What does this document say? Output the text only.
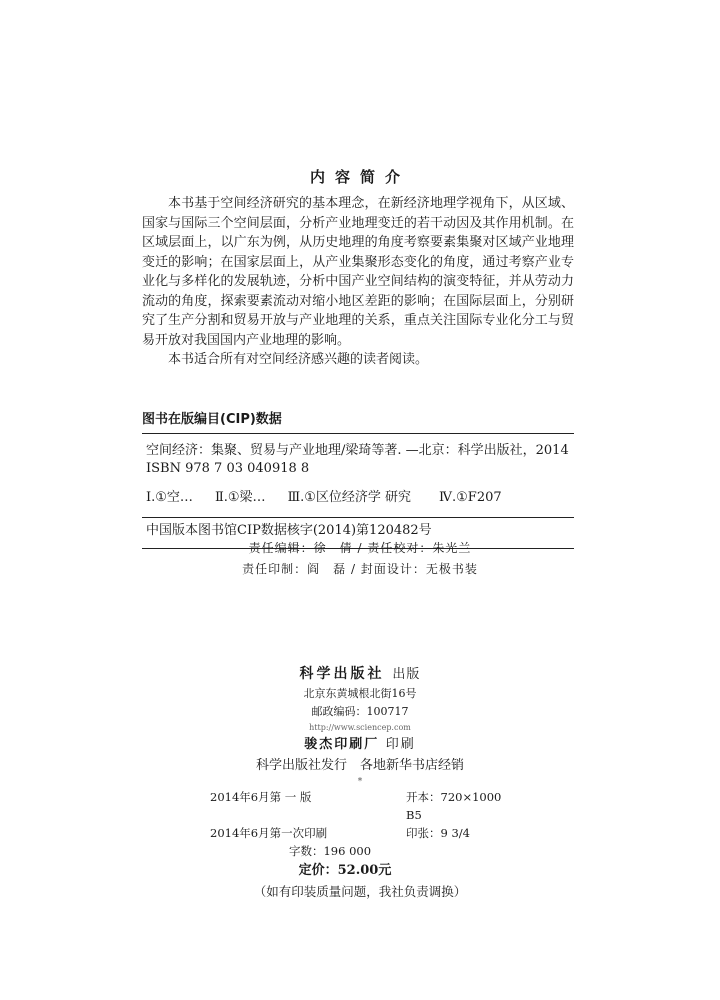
内容简介

本书基于空间经济研究的基本理念，在新经济地理学视角下，从区域、国家与国际三个空间层面，分析产业地理变迁的若干动因及其作用机制。在区域层面上，以广东为例，从历史地理的角度考察要素集聚对区域产业地理变迁的影响；在国家层面上，从产业集聚形态变化的角度，通过考察产业专业化与多样化的发展轨迹，分析中国产业空间结构的演变特征，并从劳动力流动的角度，探索要素流动对缩小地区差距的影响；在国际层面上，分别研究了生产分割和贸易开放与产业地理的关系，重点关注国际专业化分工与贸易开放对我国国内产业地理的影响。

本书适合所有对空间经济感兴趣的读者阅读。

图书在版编目(CIP)数据
空间经济：集聚、贸易与产业地理/梁琦等著. —北京：科学出版社，2014
ISBN 978 7 03 040918 8
Ⅰ.①空… Ⅱ.①梁… Ⅲ.①区位经济学 研究 Ⅳ.①F207
中国版本图书馆CIP数据核字(2014)第120482号
责任编辑：徐　倩 / 责任校对：朱光兰
责任印制：阎　磊 / 封面设计：无极书装
科学出版社 出版
北京东黄城根北街16号
邮政编码：100717
http://www.sciencep.com
骏杰印刷厂 印刷
科学出版社发行　各地新华书店经销
*
2014年6月第 一 版	开本：720×1000 B5
2014年6月第一次印刷	印张：9 3/4
字数：196 000
定价：52.00元
（如有印装质量问题，我社负责调换）
